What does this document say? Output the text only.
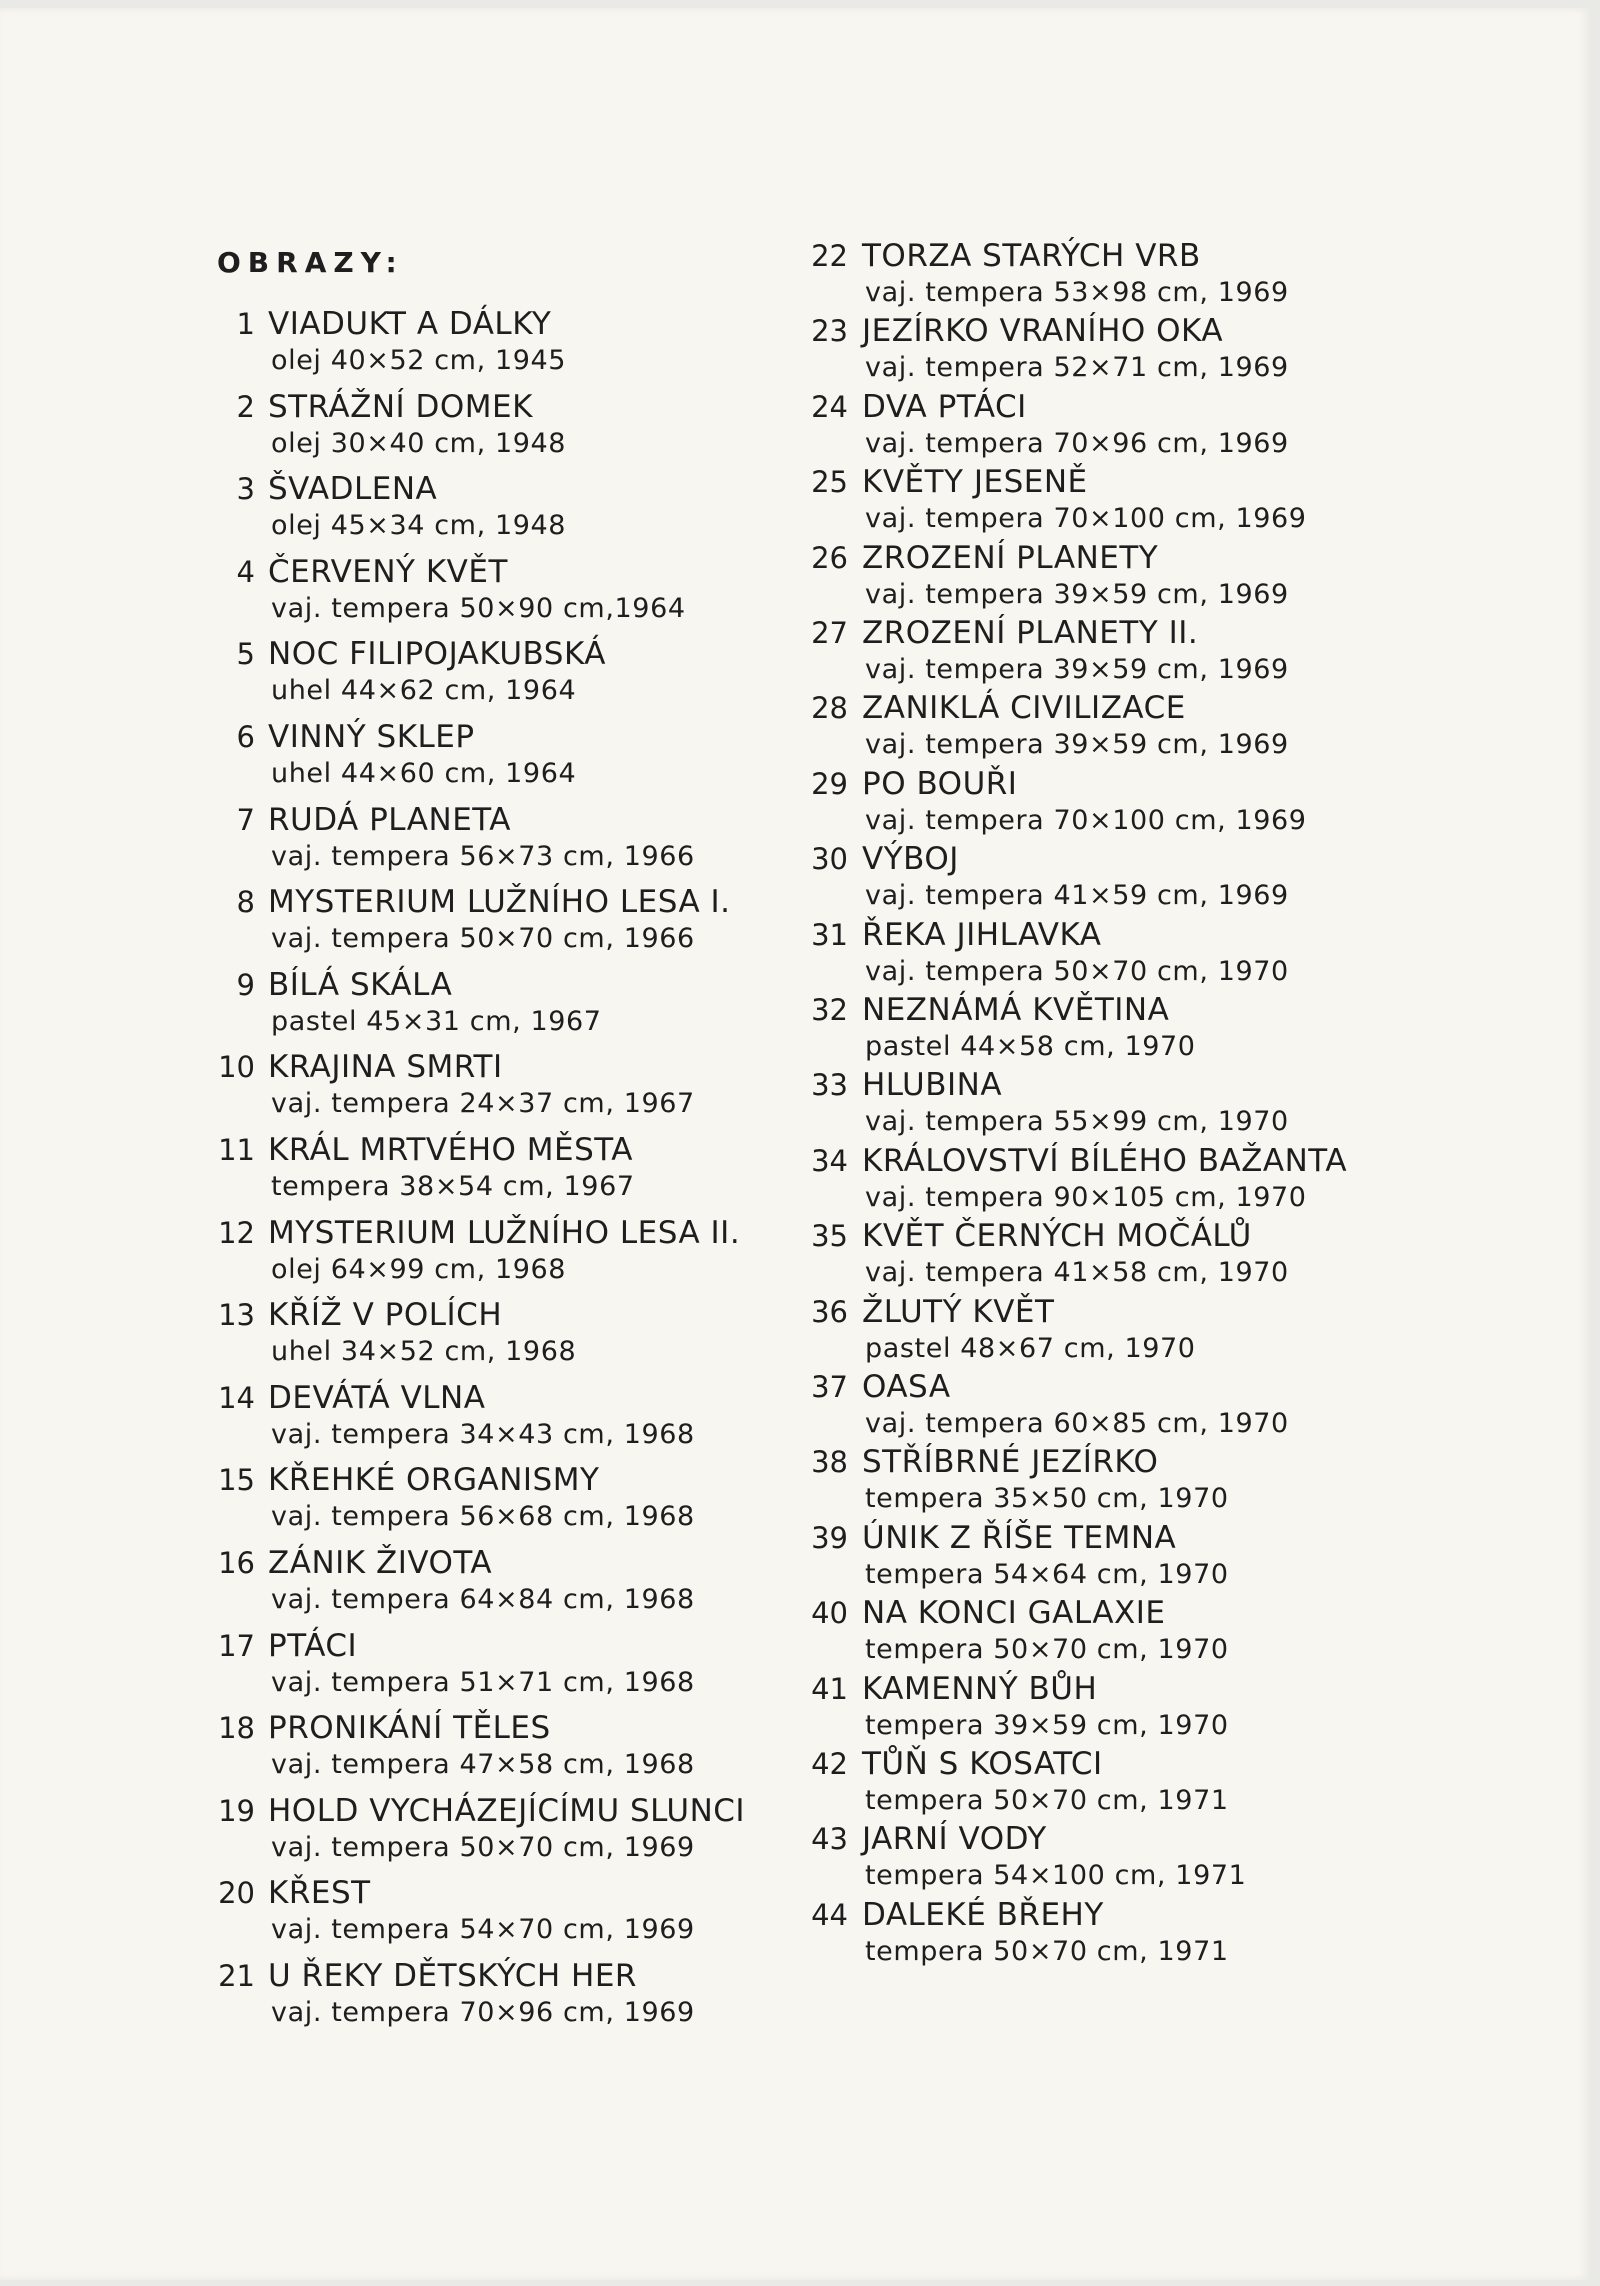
OBRAZY:
1 VIADUKT A DÁLKY
olej 40×52 cm, 1945
2 STRÁŽNÍ DOMEK
olej 30×40 cm, 1948
3 ŠVADLENA
olej 45×34 cm, 1948
4 ČERVENÝ KVĚT
vaj. tempera 50×90 cm,1964
5 NOC FILIPOJAKUBSKÁ
uhel 44×62 cm, 1964
6 VINNÝ SKLEP
uhel 44×60 cm, 1964
7 RUDÁ PLANETA
vaj. tempera 56×73 cm, 1966
8 MYSTERIUM LUŽNÍHO LESA I.
vaj. tempera 50×70 cm, 1966
9 BÍLÁ SKÁLA
pastel 45×31 cm, 1967
10 KRAJINA SMRTI
vaj. tempera 24×37 cm, 1967
11 KRÁL MRTVÉHO MĚSTA
tempera 38×54 cm, 1967
12 MYSTERIUM LUŽNÍHO LESA II.
olej 64×99 cm, 1968
13 KŘÍŽ V POLÍCH
uhel 34×52 cm, 1968
14 DEVÁTÁ VLNA
vaj. tempera 34×43 cm, 1968
15 KŘEHKÉ ORGANISMY
vaj. tempera 56×68 cm, 1968
16 ZÁNIK ŽIVOTA
vaj. tempera 64×84 cm, 1968
17 PTÁCI
vaj. tempera 51×71 cm, 1968
18 PRONIKÁNÍ TĚLES
vaj. tempera 47×58 cm, 1968
19 HOLD VYCHÁZEJÍCÍMU SLUNCI
vaj. tempera 50×70 cm, 1969
20 KŘEST
vaj. tempera 54×70 cm, 1969
21 U ŘEKY DĚTSKÝCH HER
vaj. tempera 70×96 cm, 1969
22 TORZA STARÝCH VRB
vaj. tempera 53×98 cm, 1969
23 JEZÍRKO VRANÍHO OKA
vaj. tempera 52×71 cm, 1969
24 DVA PTÁCI
vaj. tempera 70×96 cm, 1969
25 KVĚTY JESENĚ
vaj. tempera 70×100 cm, 1969
26 ZROZENÍ PLANETY
vaj. tempera 39×59 cm, 1969
27 ZROZENÍ PLANETY II.
vaj. tempera 39×59 cm, 1969
28 ZANIKLÁ CIVILIZACE
vaj. tempera 39×59 cm, 1969
29 PO BOUŘI
vaj. tempera 70×100 cm, 1969
30 VÝBOJ
vaj. tempera 41×59 cm, 1969
31 ŘEKA JIHLAVKA
vaj. tempera 50×70 cm, 1970
32 NEZNÁMÁ KVĚTINA
pastel 44×58 cm, 1970
33 HLUBINA
vaj. tempera 55×99 cm, 1970
34 KRÁLOVSTVÍ BÍLÉHO BAŽANTA
vaj. tempera 90×105 cm, 1970
35 KVĚT ČERNÝCH MOČÁLŮ
vaj. tempera 41×58 cm, 1970
36 ŽLUTÝ KVĚT
pastel 48×67 cm, 1970
37 OASA
vaj. tempera 60×85 cm, 1970
38 STŘÍBRNÉ JEZÍRKO
tempera 35×50 cm, 1970
39 ÚNIK Z ŘÍŠE TEMNA
tempera 54×64 cm, 1970
40 NA KONCI GALAXIE
tempera 50×70 cm, 1970
41 KAMENNÝ BŮH
tempera 39×59 cm, 1970
42 TŮŇ S KOSATCI
tempera 50×70 cm, 1971
43 JARNÍ VODY
tempera 54×100 cm, 1971
44 DALEKÉ BŘEHY
tempera 50×70 cm, 1971
